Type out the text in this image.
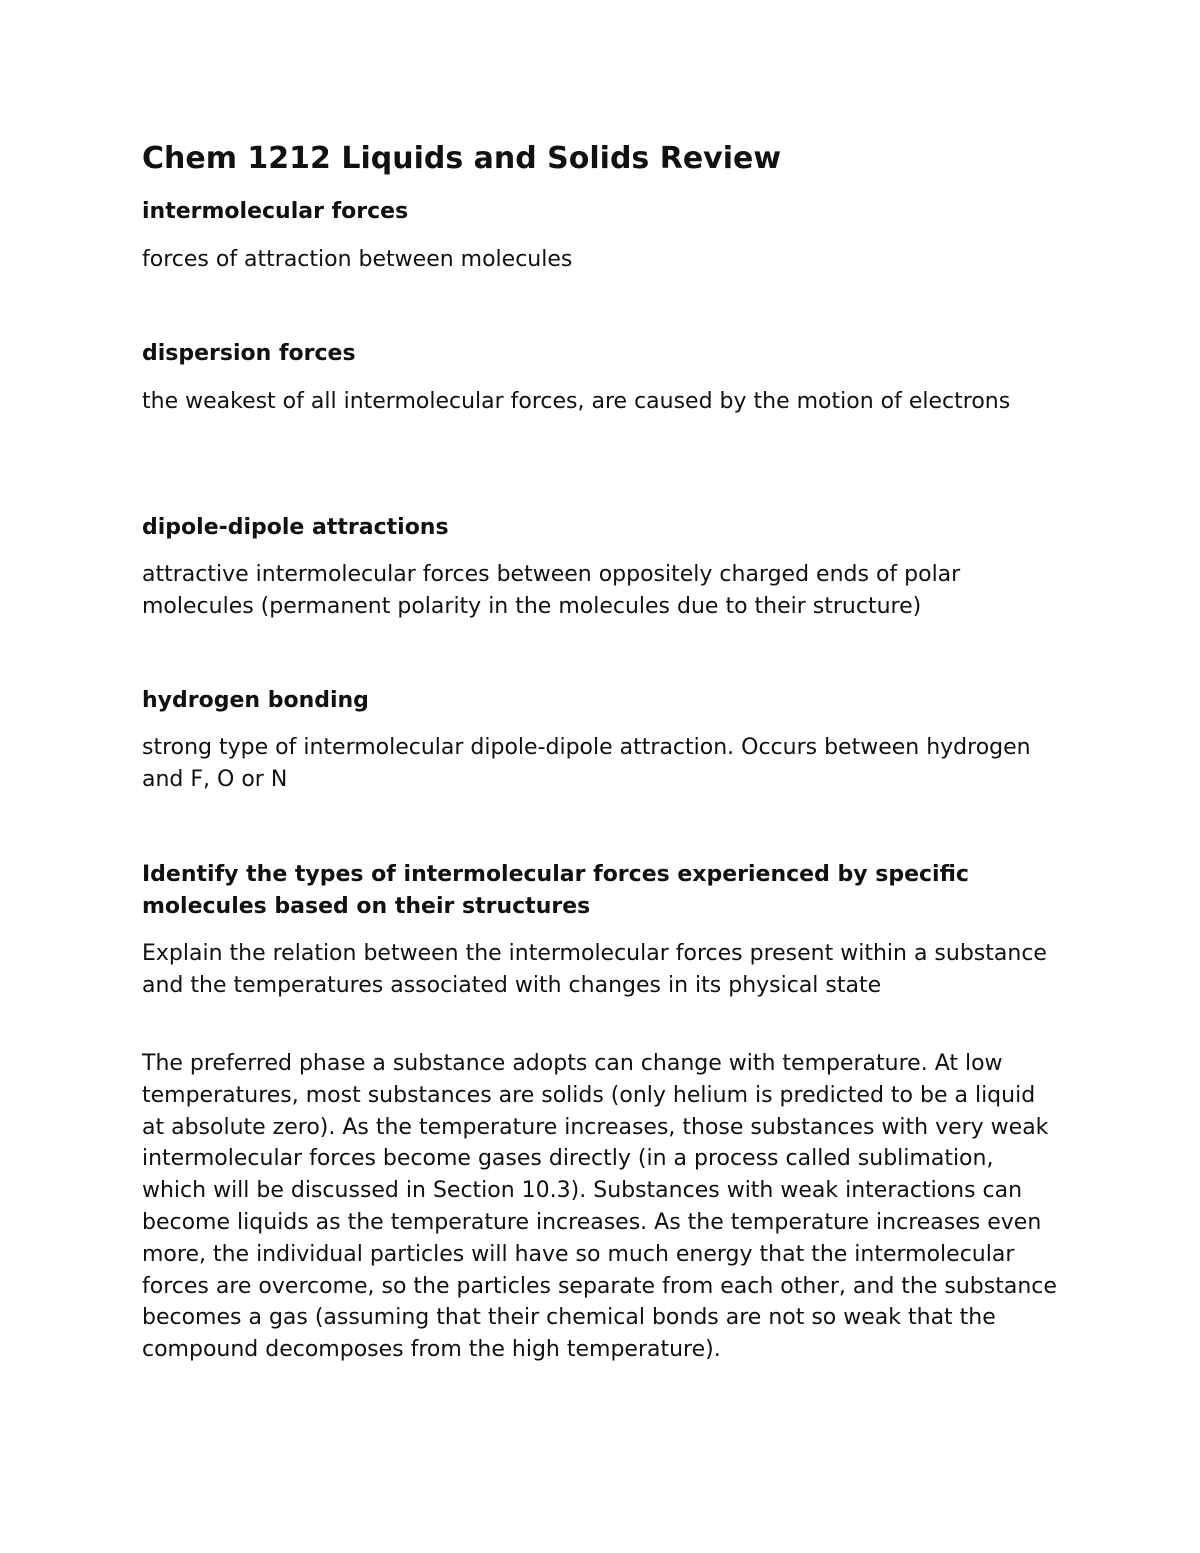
Chem 1212 Liquids and Solids Review
intermolecular forces

forces of attraction between molecules

dispersion forces

the weakest of all intermolecular forces, are caused by the motion of electrons

dipole-dipole attractions

attractive intermolecular forces between oppositely charged ends of polar molecules (permanent polarity in the molecules due to their structure)

hydrogen bonding

strong type of intermolecular dipole-dipole attraction. Occurs between hydrogen and F, O or N

Identify the types of intermolecular forces experienced by specific molecules based on their structures

Explain the relation between the intermolecular forces present within a substance and the temperatures associated with changes in its physical state

The preferred phase a substance adopts can change with temperature. At low temperatures, most substances are solids (only helium is predicted to be a liquid at absolute zero). As the temperature increases, those substances with very weak intermolecular forces become gases directly (in a process called sublimation, which will be discussed in Section 10.3). Substances with weak interactions can become liquids as the temperature increases. As the temperature increases even more, the individual particles will have so much energy that the intermolecular forces are overcome, so the particles separate from each other, and the substance becomes a gas (assuming that their chemical bonds are not so weak that the compound decomposes from the high temperature).
